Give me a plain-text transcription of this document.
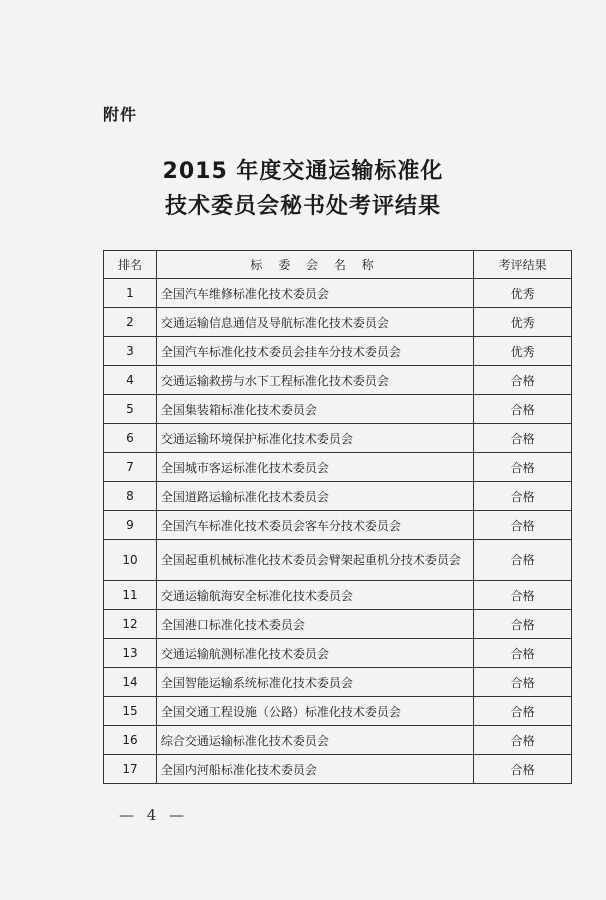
附件
2015 年度交通运输标准化
技术委员会秘书处考评结果
排名	标 委 会 名 称	考评结果
1	全国汽车维修标准化技术委员会	优秀
2	交通运输信息通信及导航标准化技术委员会	优秀
3	全国汽车标准化技术委员会挂车分技术委员会	优秀
4	交通运输救捞与水下工程标准化技术委员会	合格
5	全国集装箱标准化技术委员会	合格
6	交通运输环境保护标准化技术委员会	合格
7	全国城市客运标准化技术委员会	合格
8	全国道路运输标准化技术委员会	合格
9	全国汽车标准化技术委员会客车分技术委员会	合格
10	全国起重机械标准化技术委员会臂架起重机分技术委员会	合格
11	交通运输航海安全标准化技术委员会	合格
12	全国港口标准化技术委员会	合格
13	交通运输航测标准化技术委员会	合格
14	全国智能运输系统标准化技术委员会	合格
15	全国交通工程设施（公路）标准化技术委员会	合格
16	综合交通运输标准化技术委员会	合格
17	全国内河船标准化技术委员会	合格
— 4 —
